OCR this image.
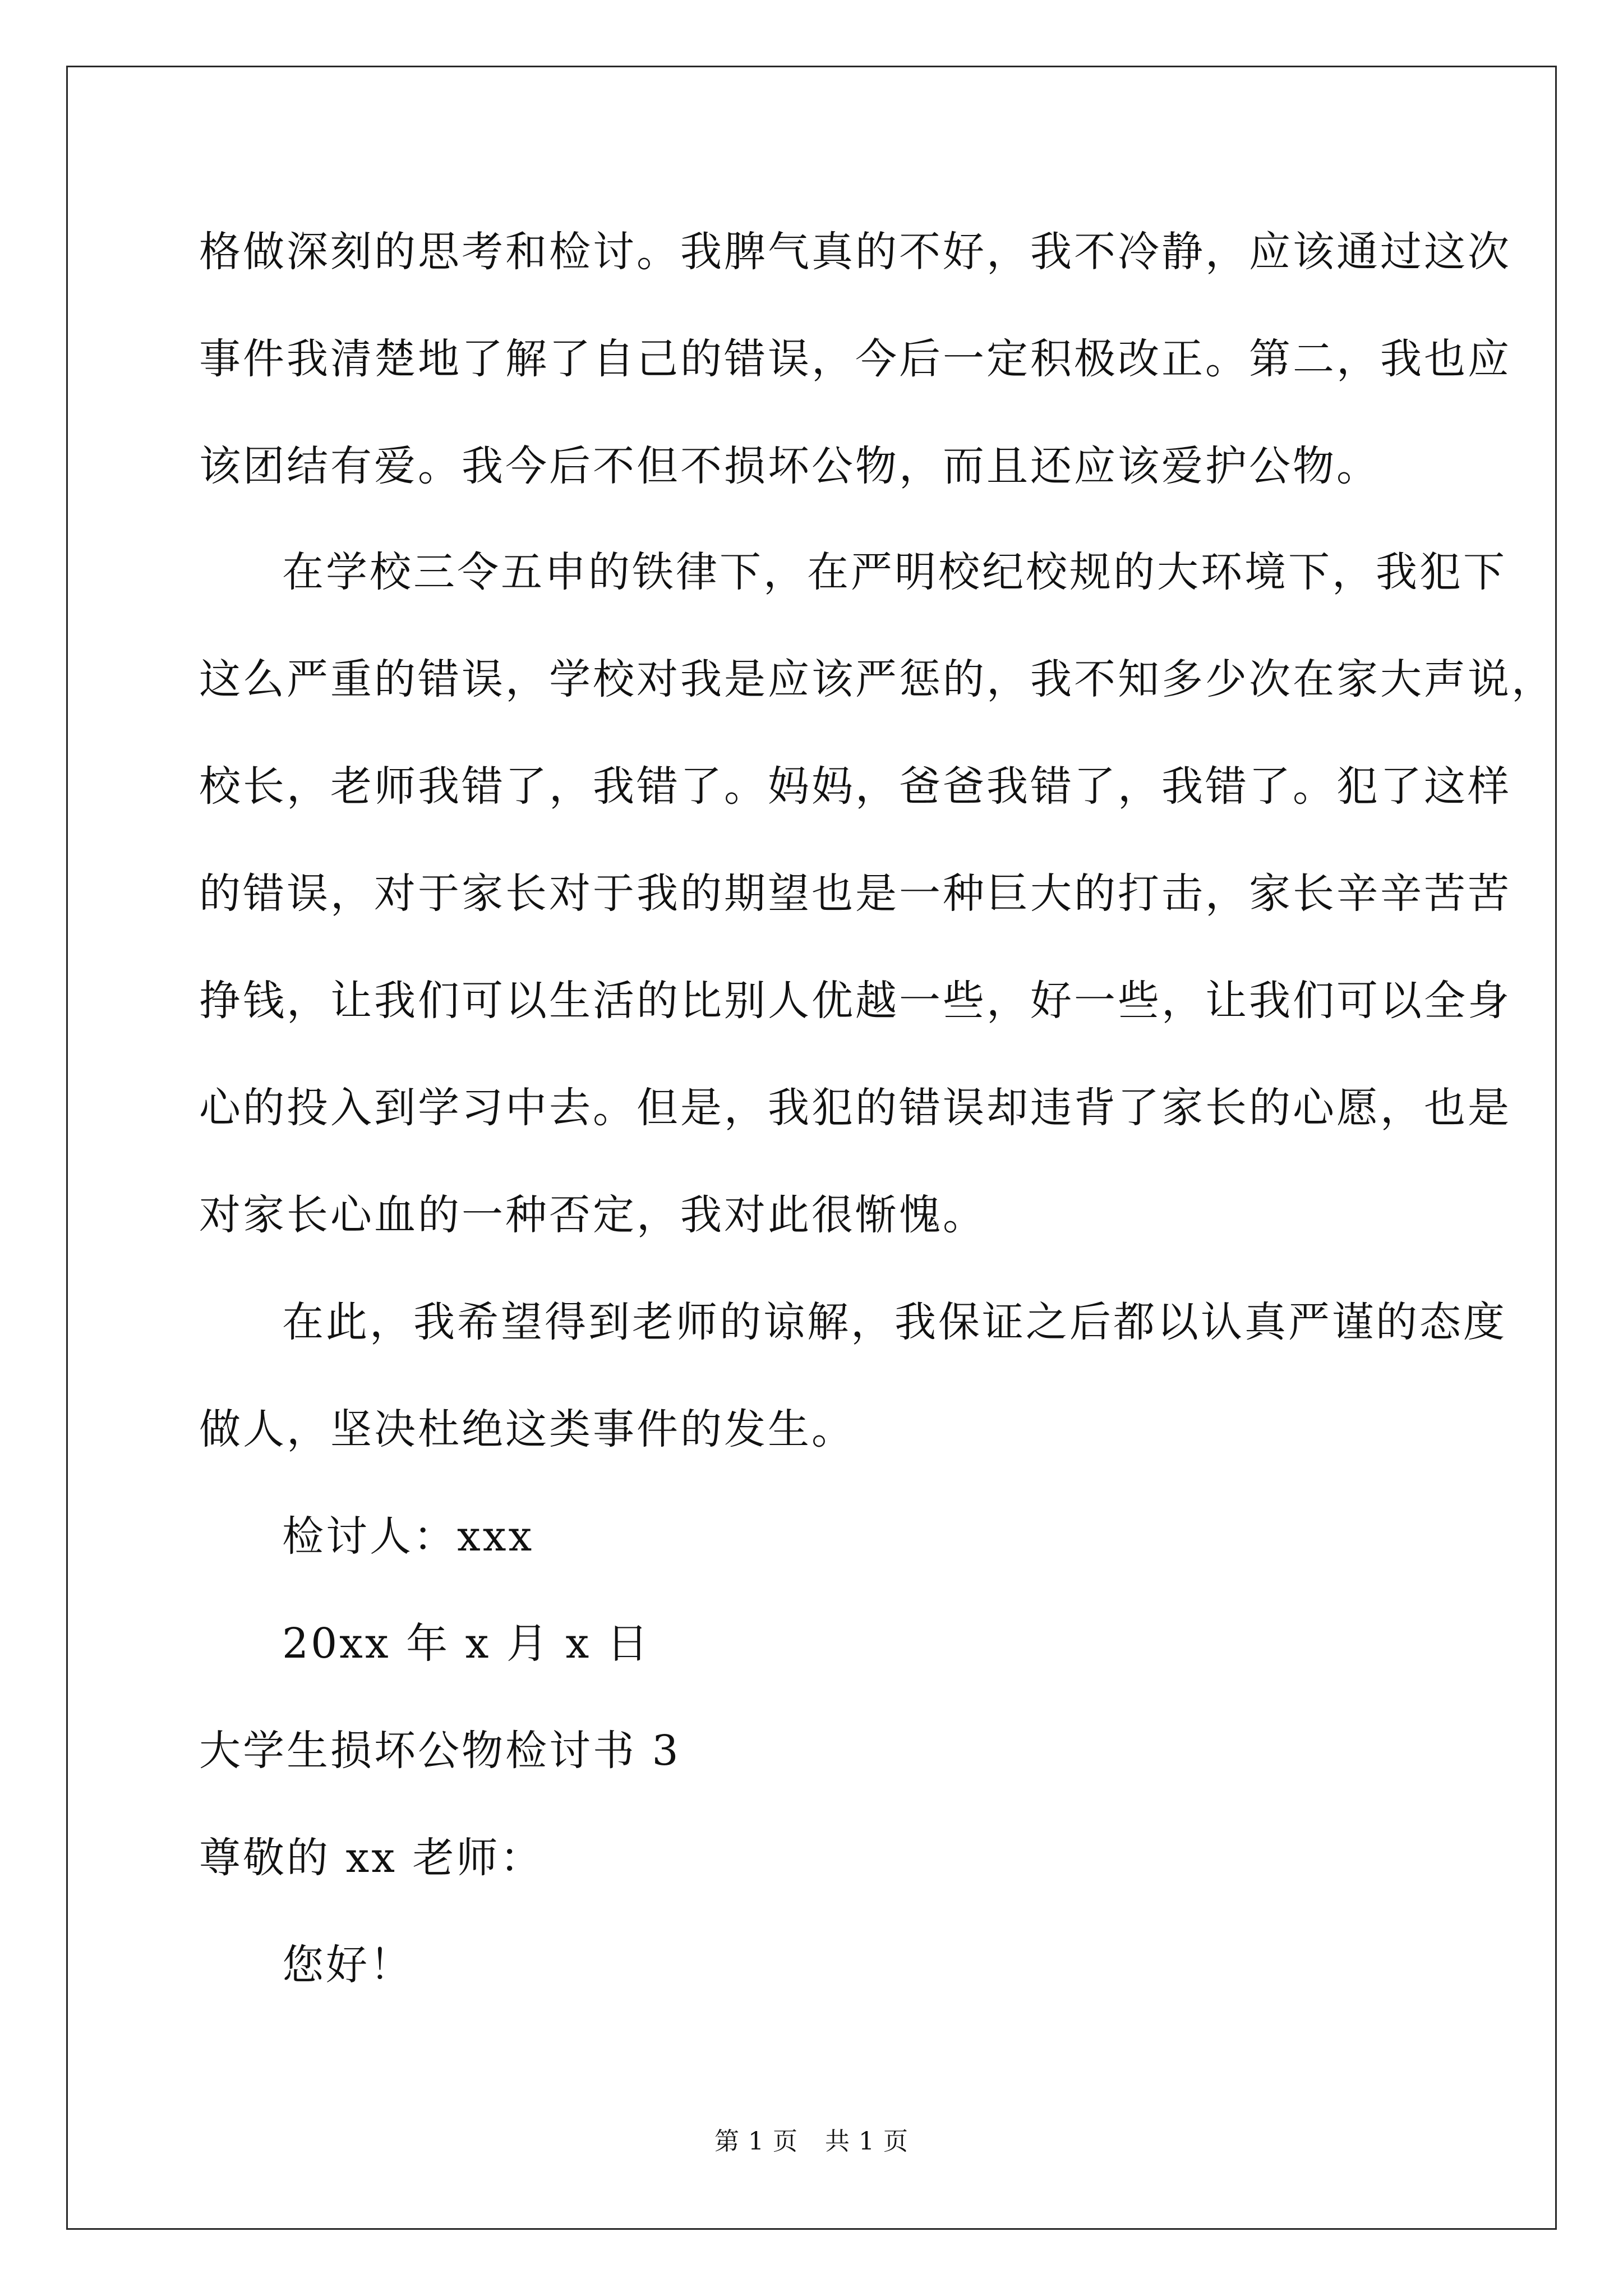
格做深刻的思考和检讨。我脾气真的不好，我不冷静，应该通过这次
事件我清楚地了解了自己的错误，今后一定积极改正。第二，我也应
该团结有爱。我今后不但不损坏公物，而且还应该爱护公物。
在学校三令五申的铁律下，在严明校纪校规的大环境下，我犯下
这么严重的错误，学校对我是应该严惩的，我不知多少次在家大声说，
校长，老师我错了，我错了。妈妈，爸爸我错了，我错了。犯了这样
的错误，对于家长对于我的期望也是一种巨大的打击，家长辛辛苦苦
挣钱，让我们可以生活的比别人优越一些，好一些，让我们可以全身
心的投入到学习中去。但是，我犯的错误却违背了家长的心愿，也是
对家长心血的一种否定，我对此很惭愧。
在此，我希望得到老师的谅解，我保证之后都以认真严谨的态度
做人，坚决杜绝这类事件的发生。
检讨人：xxx
20xx 年 x 月 x 日
大学生损坏公物检讨书 3
尊敬的 xx 老师：
您好！
第 1 页 共 1 页
